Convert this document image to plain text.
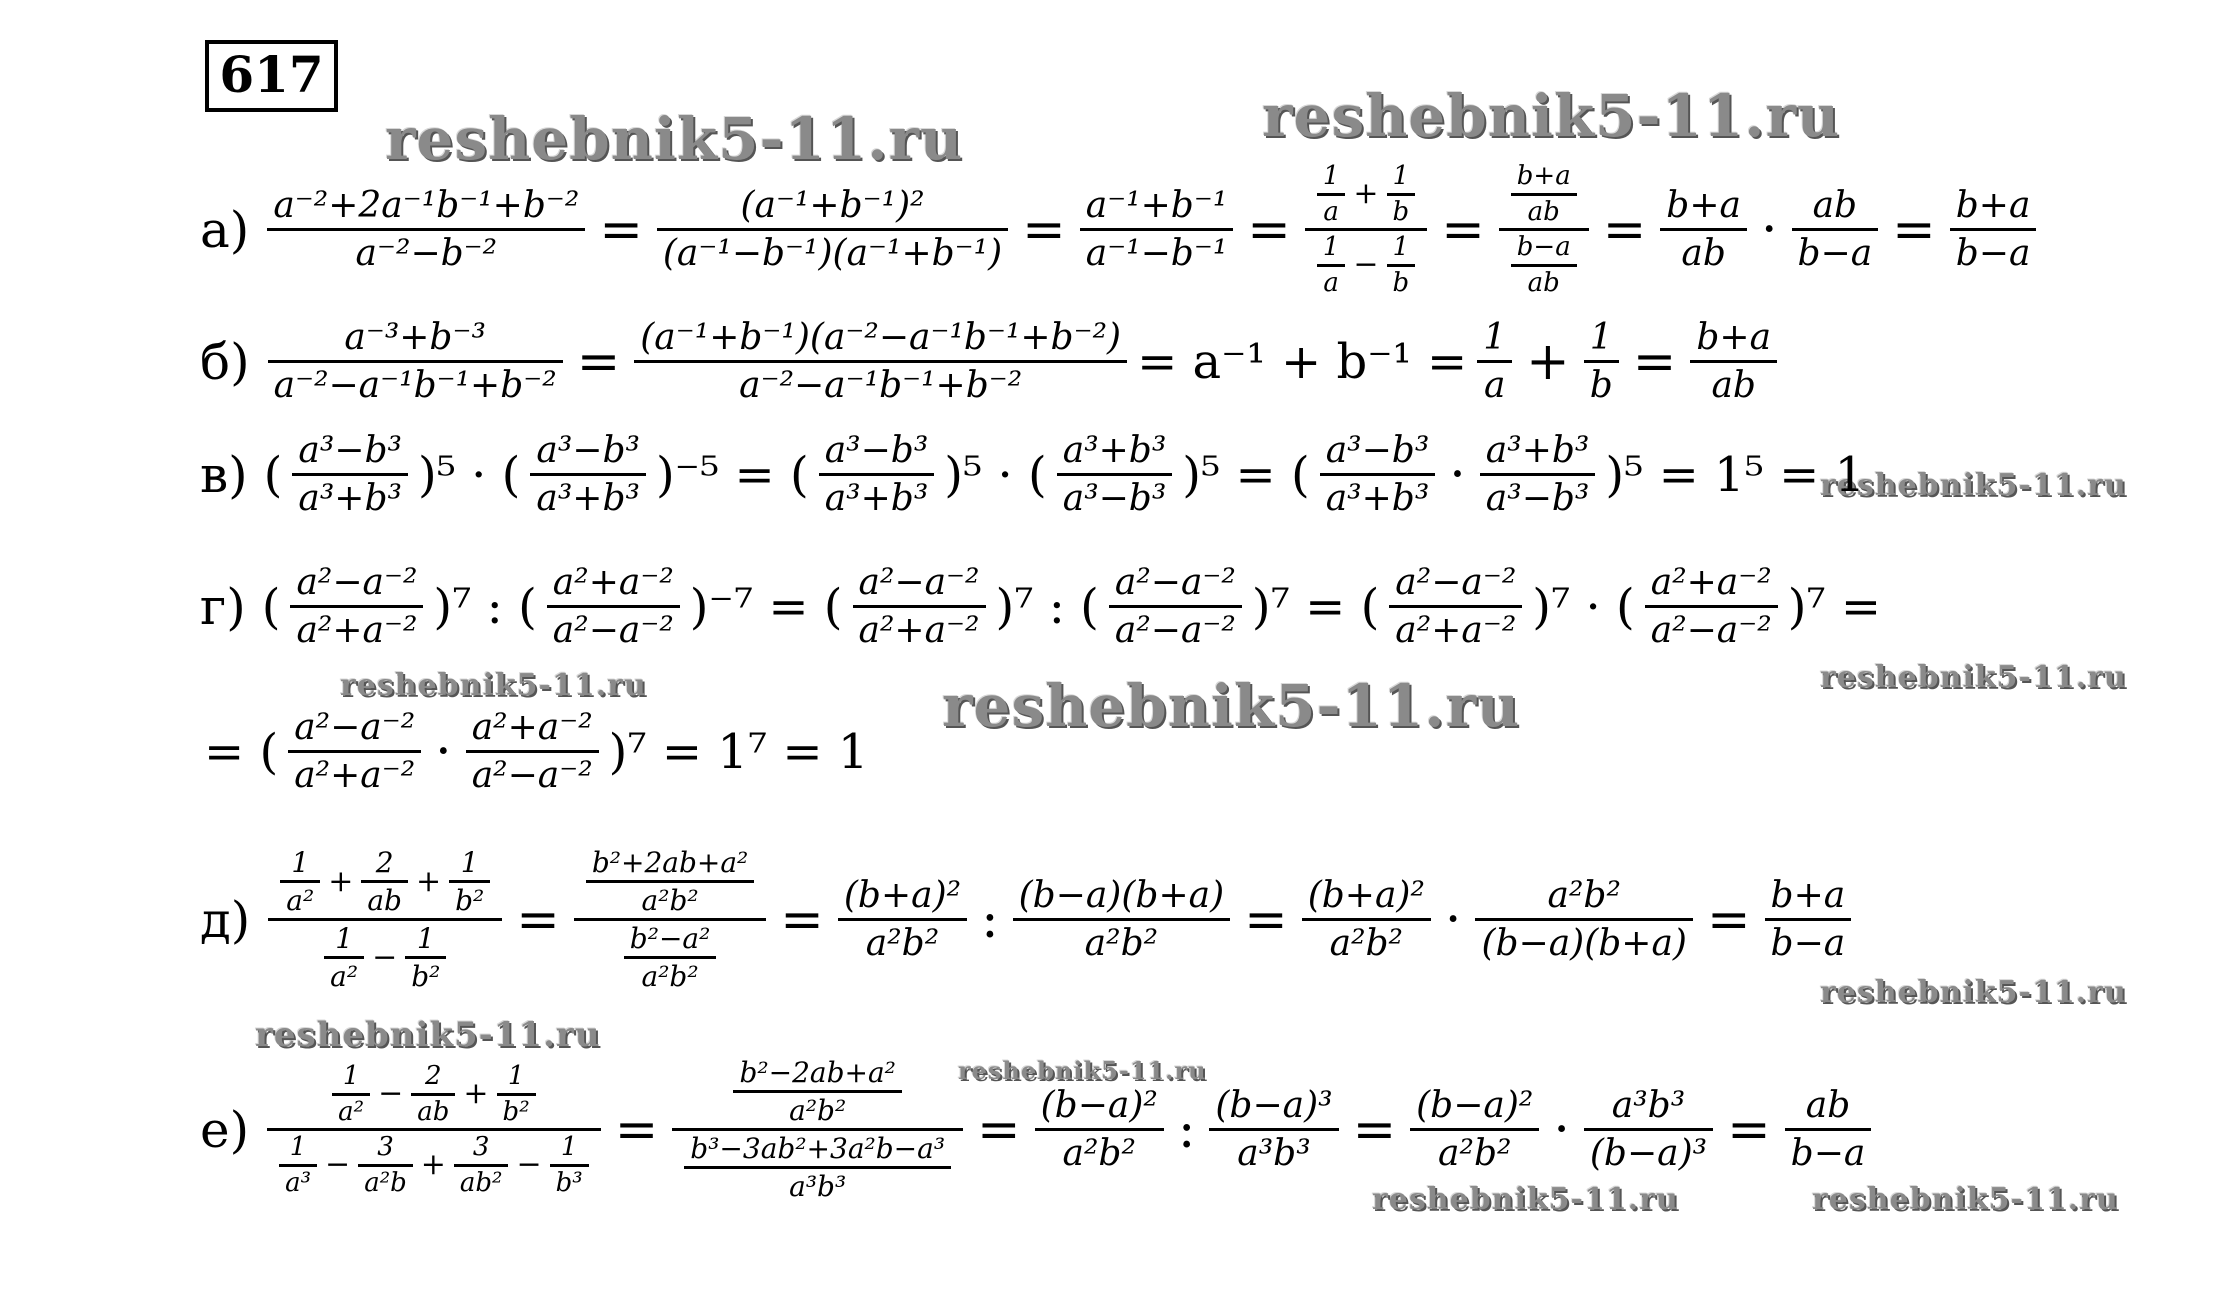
617
reshebnik5-11.ru	reshebnik5-11.ru
reshebnik5-11.ru
reshebnik5-11.ru	reshebnik5-11.ru	reshebnik5-11.ru
reshebnik5-11.ru
reshebnik5-11.ru
reshebnik5-11.ru
reshebnik5-11.ru	reshebnik5-11.ru
а) a⁻²+2a⁻¹b⁻¹+b⁻²
a⁻²−b⁻² =	(a⁻¹+b⁻¹)²
(a⁻¹−b⁻¹)(a⁻¹+b⁻¹) = a⁻¹+b⁻¹
a⁻¹−b⁻¹ =
1
a
+
1
b
1
a
−
1
b
=
$\frac{b+a}{ab}$
$\frac{b-a}{ab}$
= b+a
ab · ab
b−a = b+a
b−a
б)	a⁻³+b⁻³
a⁻²−a⁻¹b⁻¹+b⁻² = (a⁻¹+b⁻¹)(a⁻²−a⁻¹b⁻¹+b⁻²)
a⁻²−a⁻¹b⁻¹+b⁻² = a⁻¹ + b⁻¹ = 1
a + 1
b = b+a
ab
в) ( a³−b³
a³+b³ )⁵ · ( a³−b³
a³+b³ )⁻⁵ = ( a³−b³
a³+b³ )⁵ · ( a³+b³
a³−b³ )⁵ = ( a³−b³
a³+b³ · a³+b³
a³−b³ )⁵ = 1⁵ = 1
г) ( a²−a⁻²
a²+a⁻² )⁷ : ( a²+a⁻²
a²−a⁻² )⁻⁷ = ( a²−a⁻²
a²+a⁻² )⁷ : ( a²−a⁻²
a²−a⁻² )⁷ = ( a²−a⁻²
a²+a⁻² )⁷ · ( a²+a⁻²
a²−a⁻² )⁷ =
= ( a²−a⁻²
a²+a⁻² · a²+a⁻²
a²−a⁻² )⁷ = 1⁷ = 1
д)
1
a²
+
2
ab
+
1
b²
1
a²
−
1
b²
=
$\frac{\text{b²+2ab+a²}}{\text{a²b²}}$
$\frac{\text{b²−a²}}{\text{a²b²}}$
= (b+a)²
a²b² : (b−a)(b+a)
a²b² = (b+a)²
a²b² · a²b²
(b−a)(b+a) = b+a
b−a
е)
1
a²
−
2
ab
+
1
b²
1
a³
−
3
a²b
+
3
ab²
−
1
b³
=
$\frac{\text{b²−2ab+a²}}{\text{a²b²}}$
$\frac{\text{b³−3ab²+3a²b−a³}}{\text{a³b³}}$
= (b−a)²
a²b² : (b−a)³
a³b³ = (b−a)²
a²b² · a³b³
(b−a)³ = ab
b−a
